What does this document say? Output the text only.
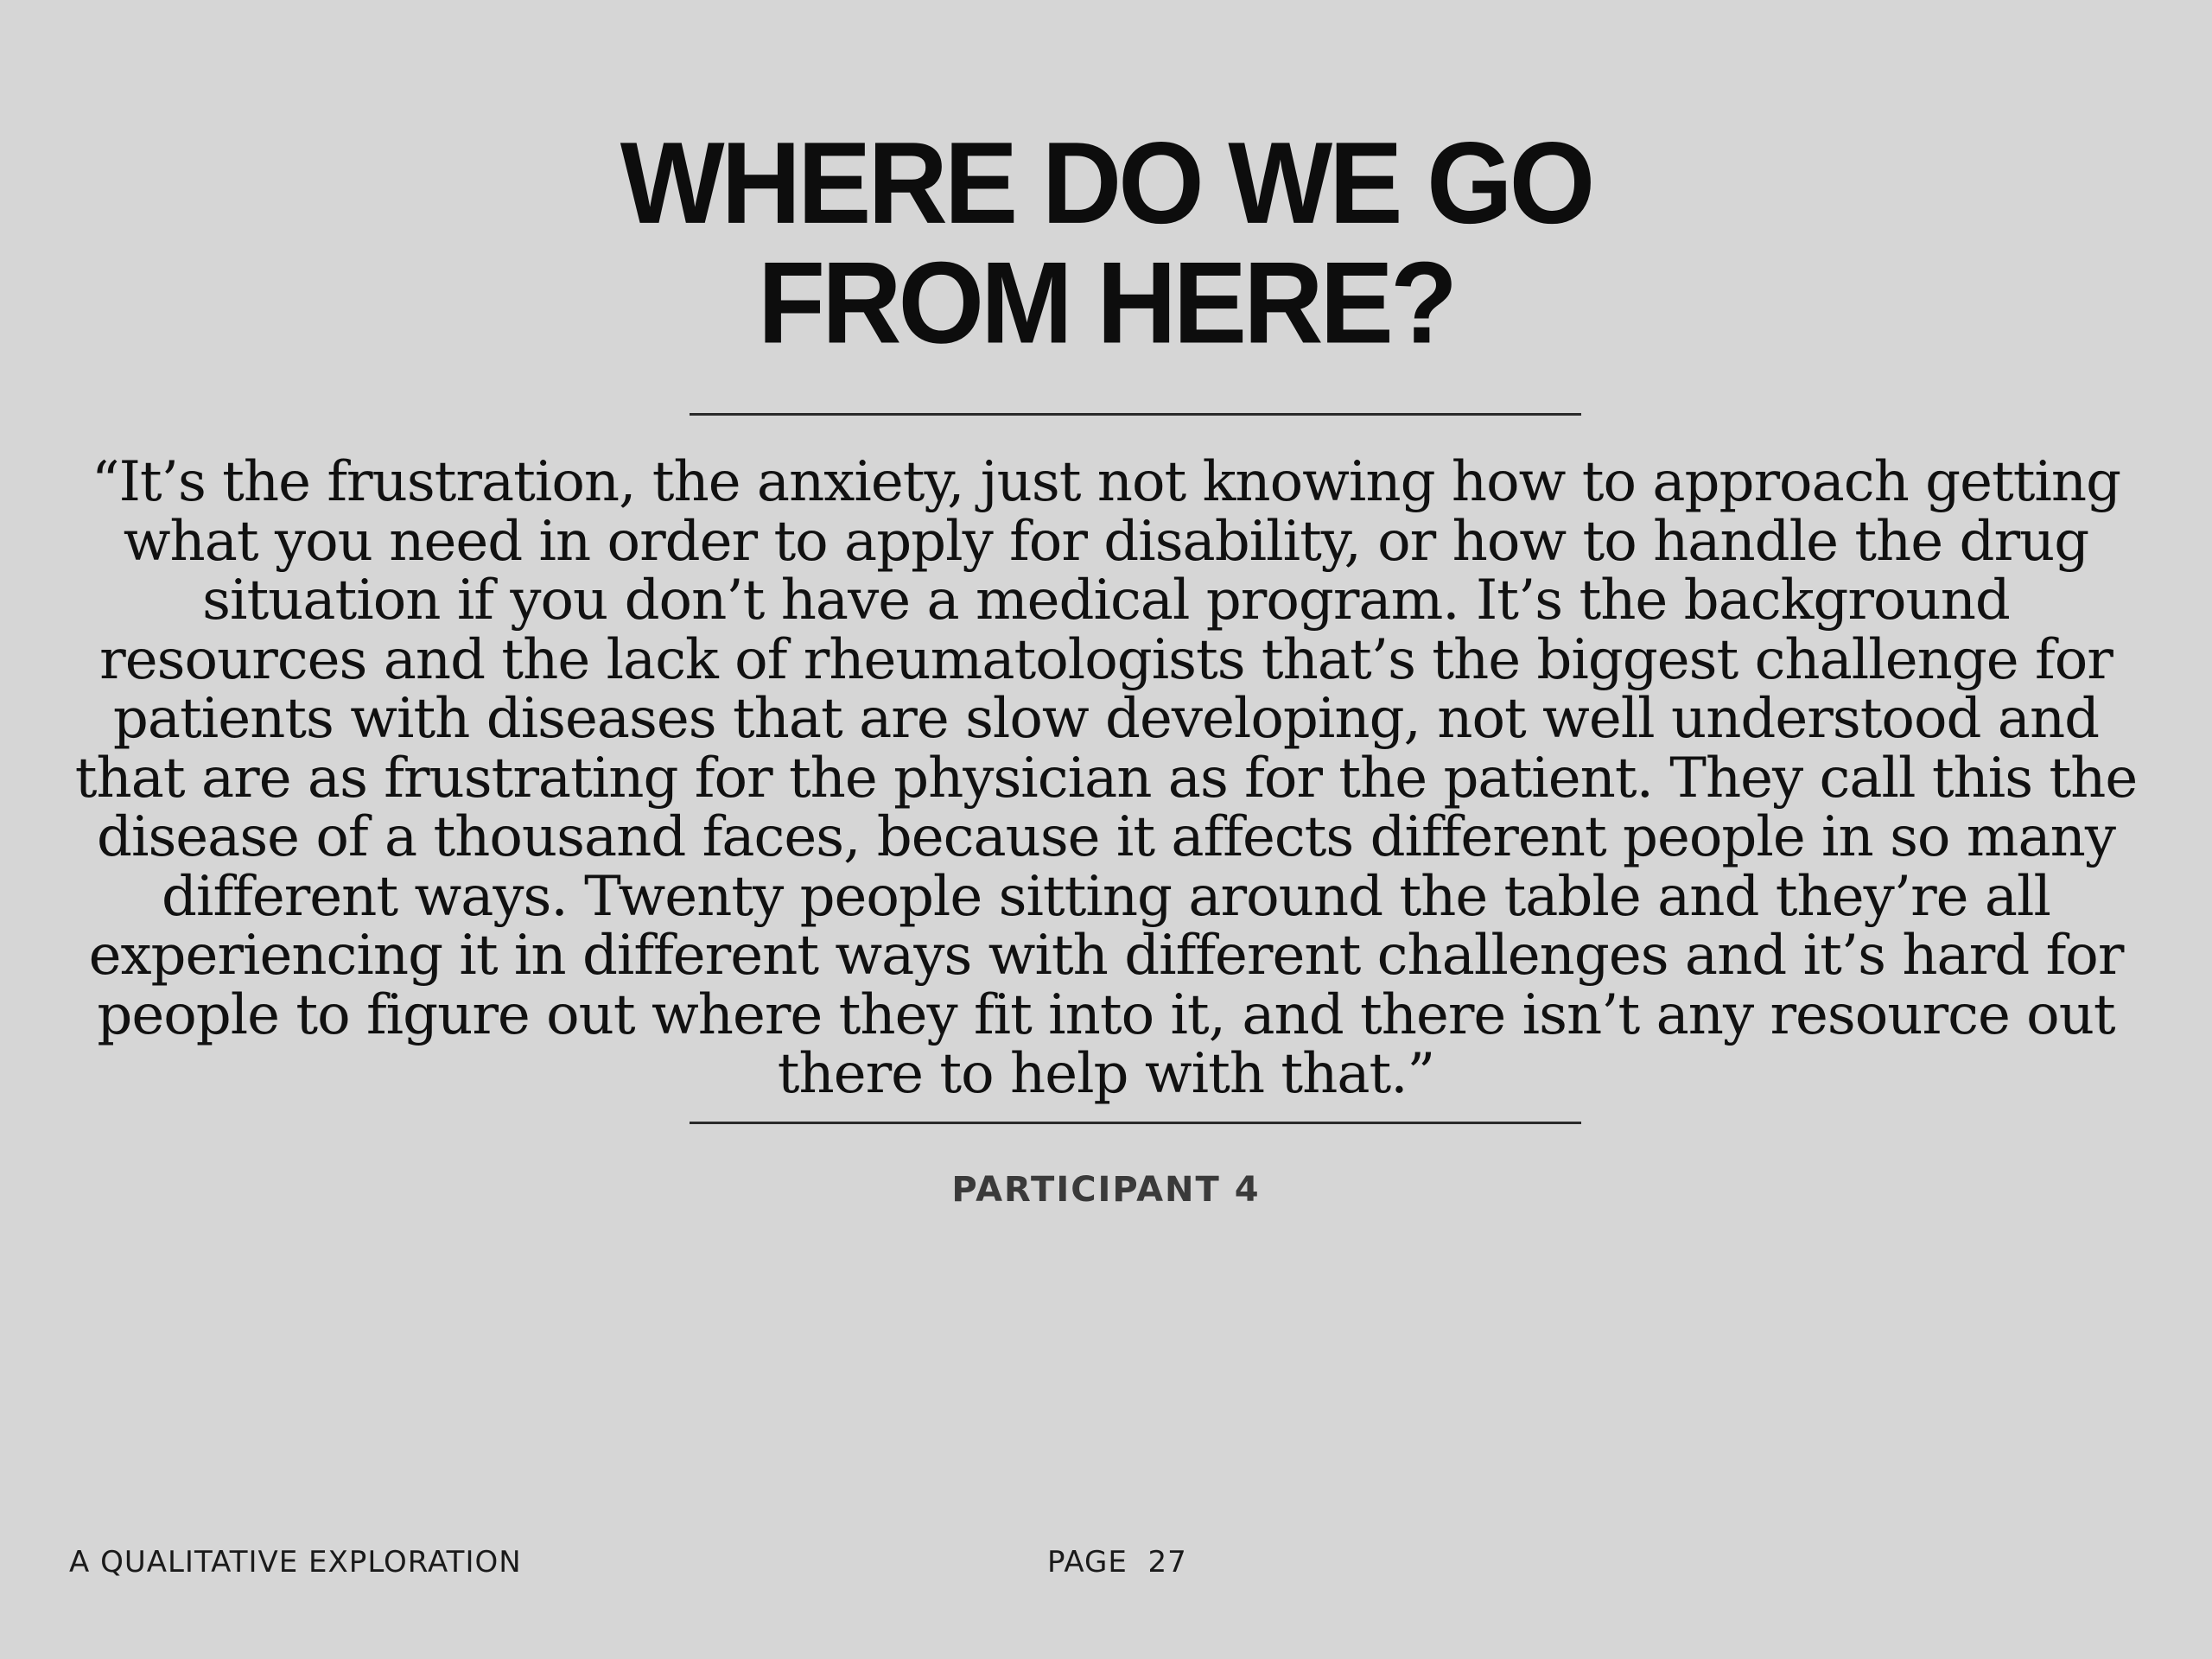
WHERE DO WE GO
FROM HERE?
“It’s the frustration, the anxiety, just not knowing how to approach getting what you need in order to apply for disability, or how to handle the drug situation if you don’t have a medical program. It’s the background resources and the lack of rheumatologists that’s the biggest challenge for patients with diseases that are slow developing, not well understood and that are as frustrating for the physician as for the patient. They call this the disease of a thousand faces, because it affects different people in so many different ways. Twenty people sitting around the table and they’re all experiencing it in different ways with different challenges and it’s hard for people to figure out where they fit into it, and there isn’t any resource out there to help with that.”
PARTICIPANT 4
A QUALITATIVE EXPLORATION	PAGE 27
